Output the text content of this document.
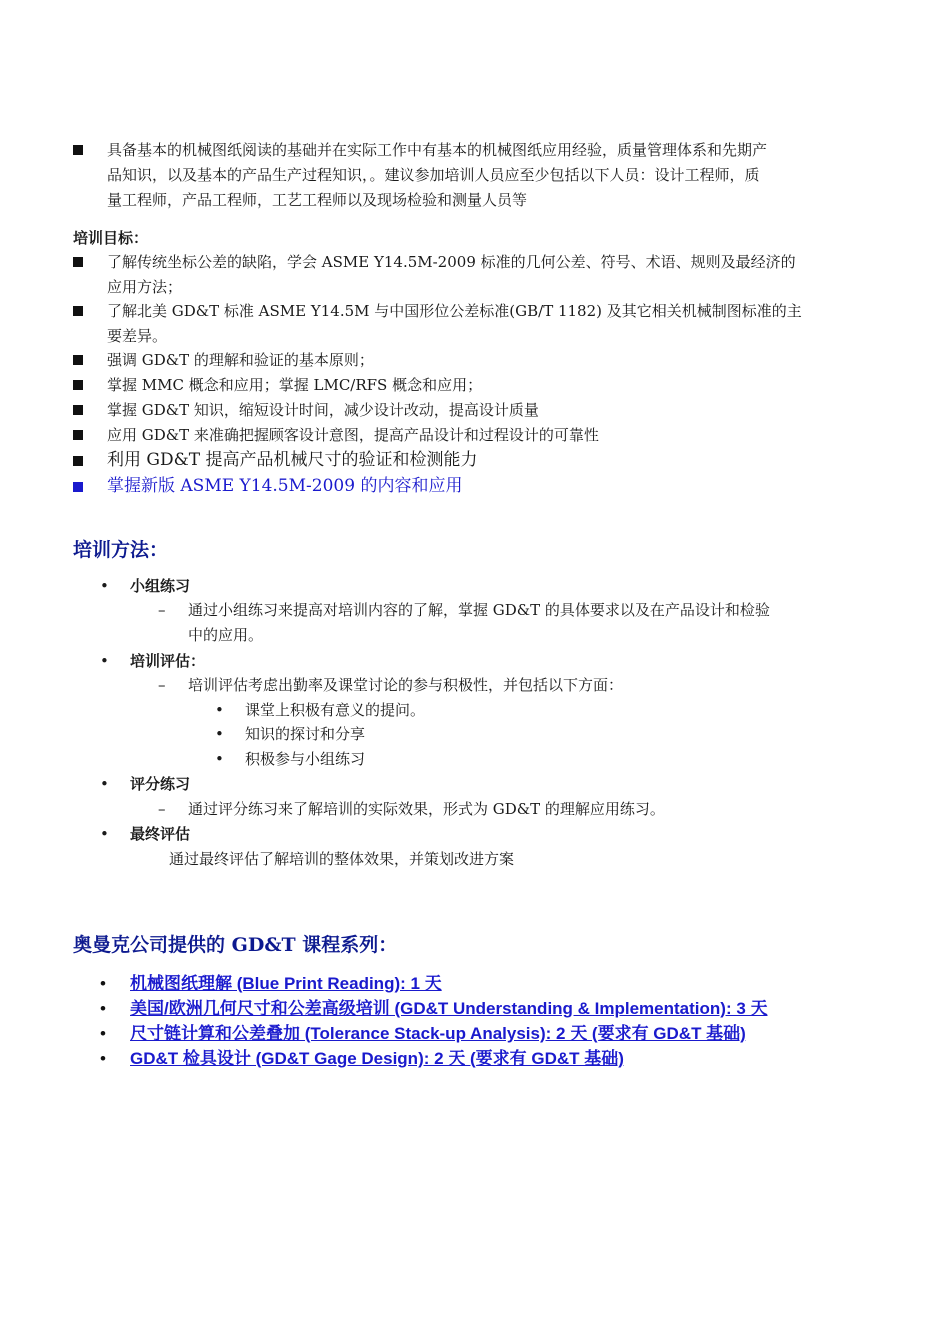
具备基本的机械图纸阅读的基础并在实际工作中有基本的机械图纸应用经验，质量管理体系和先期产
品知识，以及基本的产品生产过程知识，。建议参加培训人员应至少包括以下人员：设计工程师，质
量工程师，产品工程师，工艺工程师以及现场检验和测量人员等
培训目标：
了解传统坐标公差的缺陷，学会 ASME Y14.5M-2009 标准的几何公差、符号、术语、规则及最经济的
应用方法；
了解北美 GD&T 标准 ASME Y14.5M 与中国形位公差标准(GB/T 1182) 及其它相关机械制图标准的主
要差异。
强调 GD&T 的理解和验证的基本原则；
掌握 MMC 概念和应用；掌握 LMC/RFS 概念和应用；
掌握 GD&T 知识，缩短设计时间，减少设计改动，提高设计质量
应用 GD&T 来准确把握顾客设计意图，提高产品设计和过程设计的可靠性
利用 GD&T 提高产品机械尺寸的验证和检测能力
掌握新版 ASME Y14.5M-2009 的内容和应用
培训方法：
• 小组练习
– 通过小组练习来提高对培训内容的了解，掌握 GD&T 的具体要求以及在产品设计和检验
中的应用。
• 培训评估：
– 培训评估考虑出勤率及课堂讨论的参与积极性，并包括以下方面：
• 课堂上积极有意义的提问。
• 知识的探讨和分享
• 积极参与小组练习
• 评分练习
– 通过评分练习来了解培训的实际效果，形式为 GD&T 的理解应用练习。
• 最终评估
通过最终评估了解培训的整体效果，并策划改进方案
奥曼克公司提供的 GD&T 课程系列：
• 机械图纸理解 (Blue Print Reading): 1 天
• 美国/欧洲几何尺寸和公差高级培训 (GD&T Understanding & Implementation): 3 天
• 尺寸链计算和公差叠加 (Tolerance Stack-up Analysis): 2 天 (要求有 GD&T 基础)
• GD&T 检具设计 (GD&T Gage Design): 2 天 (要求有 GD&T 基础)
